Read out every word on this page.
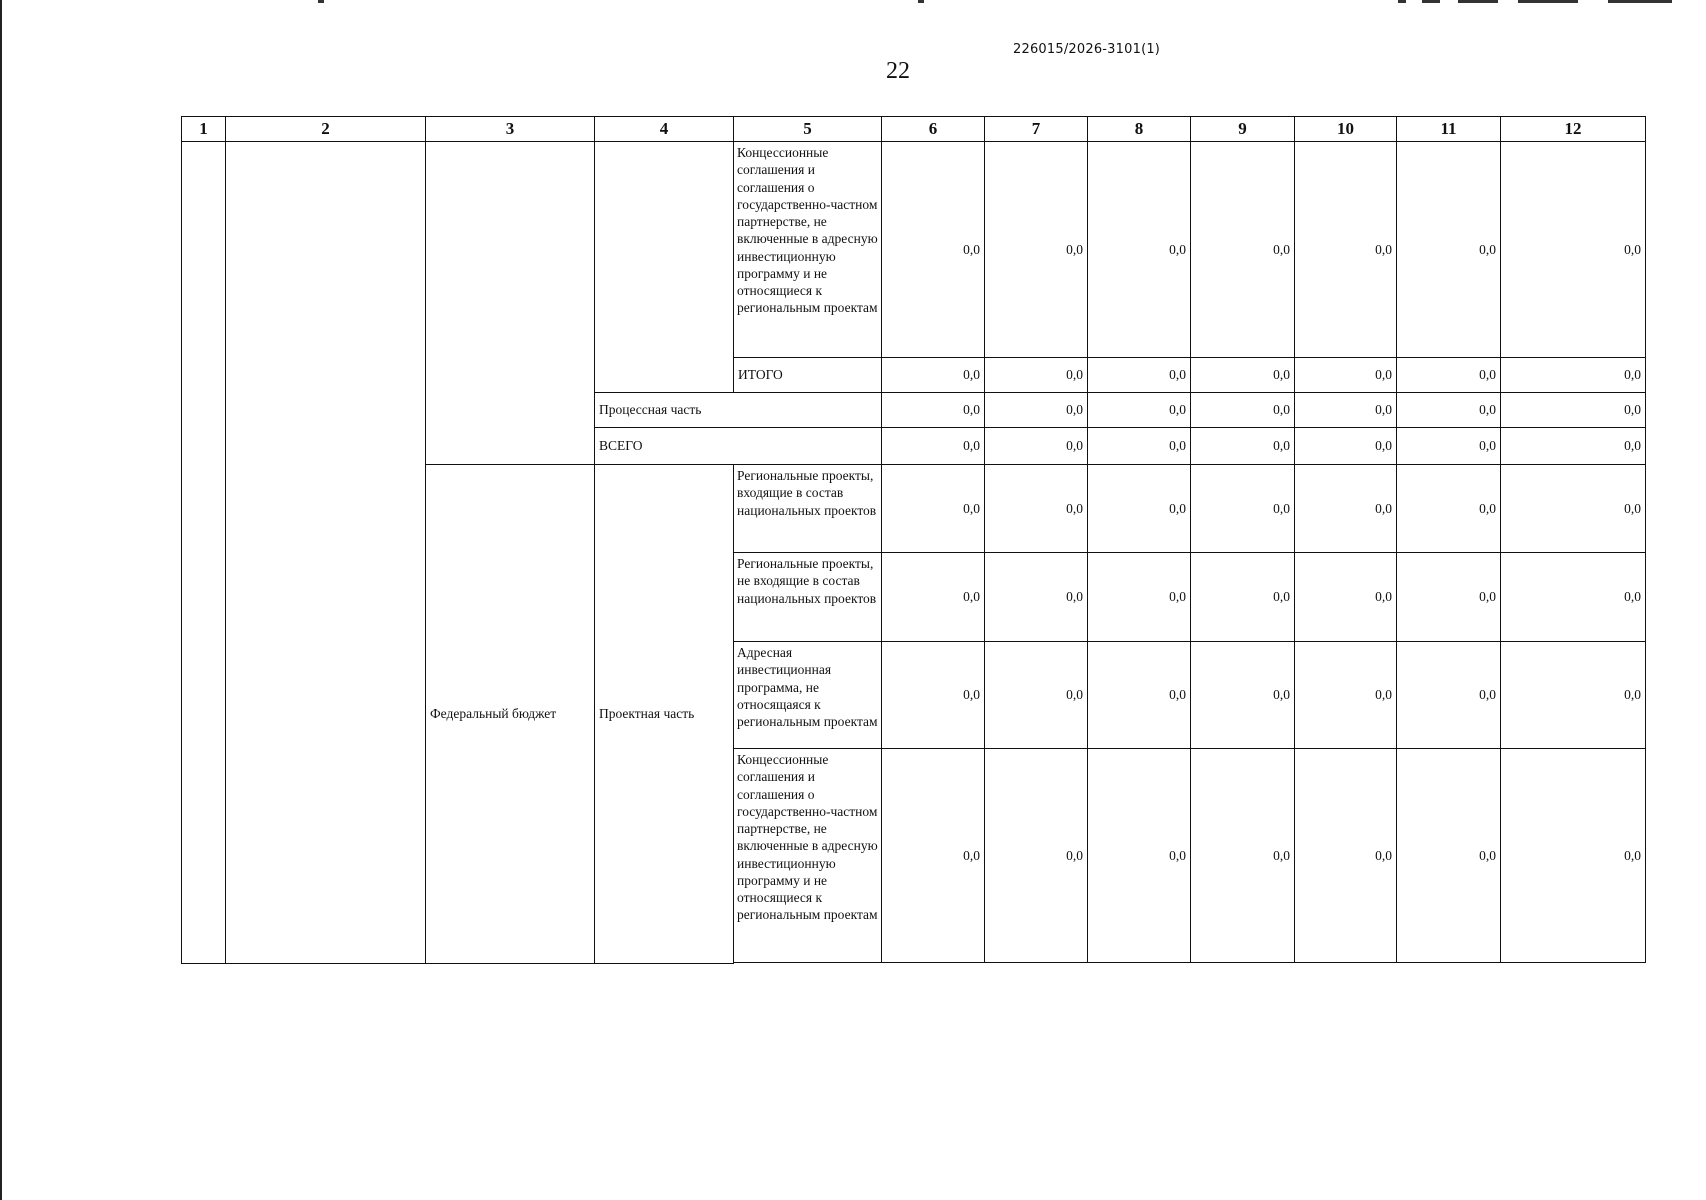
226015/2026-3101(1)
22
1	2	3	4	5	6	7	8	9	10	11	12
				Концессионные соглашения и соглашения о государственно-частном партнерстве, не включенные в адресную инвестиционную программу и не относящиеся к региональным проектам	0,0	0,0	0,0	0,0	0,0	0,0	0,0
				ИТОГО	0,0	0,0	0,0	0,0	0,0	0,0	0,0
			Процессная часть		0,0	0,0	0,0	0,0	0,0	0,0	0,0
			ВСЕГО		0,0	0,0	0,0	0,0	0,0	0,0	0,0
		Федеральный бюджет	Проектная часть	Региональные проекты, входящие в состав национальных проектов	0,0	0,0	0,0	0,0	0,0	0,0	0,0
				Региональные проекты, не входящие в состав национальных проектов	0,0	0,0	0,0	0,0	0,0	0,0	0,0
				Адресная инвестиционная программа, не относящаяся к региональным проектам	0,0	0,0	0,0	0,0	0,0	0,0	0,0
				Концессионные соглашения и соглашения о государственно-частном партнерстве, не включенные в адресную инвестиционную программу и не относящиеся к региональным проектам	0,0	0,0	0,0	0,0	0,0	0,0	0,0
